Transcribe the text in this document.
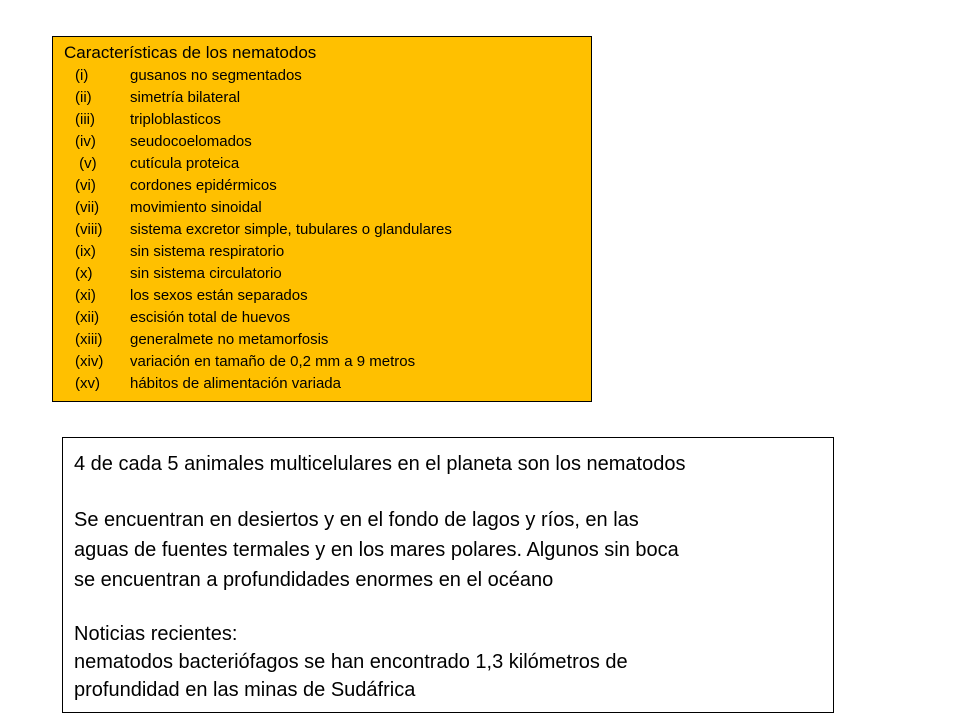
Características de los nematodos
(i)	gusanos no segmentados
(ii)	simetría bilateral
(iii) triploblasticos
(iv) seudocoelomados
(v) cutícula proteica
(vi) cordones epidérmicos
(vii) movimiento sinoidal
(viii) sistema excretor simple, tubulares o glandulares
(ix) sin sistema respiratorio
(x)	sin sistema circulatorio
(xi) los sexos están separados
(xii) escisión total de huevos
(xiii) generalmete no metamorfosis
(xiv) variación en tamaño de 0,2 mm a 9 metros
(xv) hábitos de alimentación variada
4 de cada 5 animales multicelulares en el planeta son los nematodos
Se encuentran en desiertos y en el fondo de lagos y ríos, en las
aguas de fuentes termales y en los mares polares. Algunos sin boca
se encuentran a profundidades enormes en el océano
Noticias recientes:
nematodos bacteriófagos se han encontrado 1,3 kilómetros de
profundidad en las minas de Sudáfrica
